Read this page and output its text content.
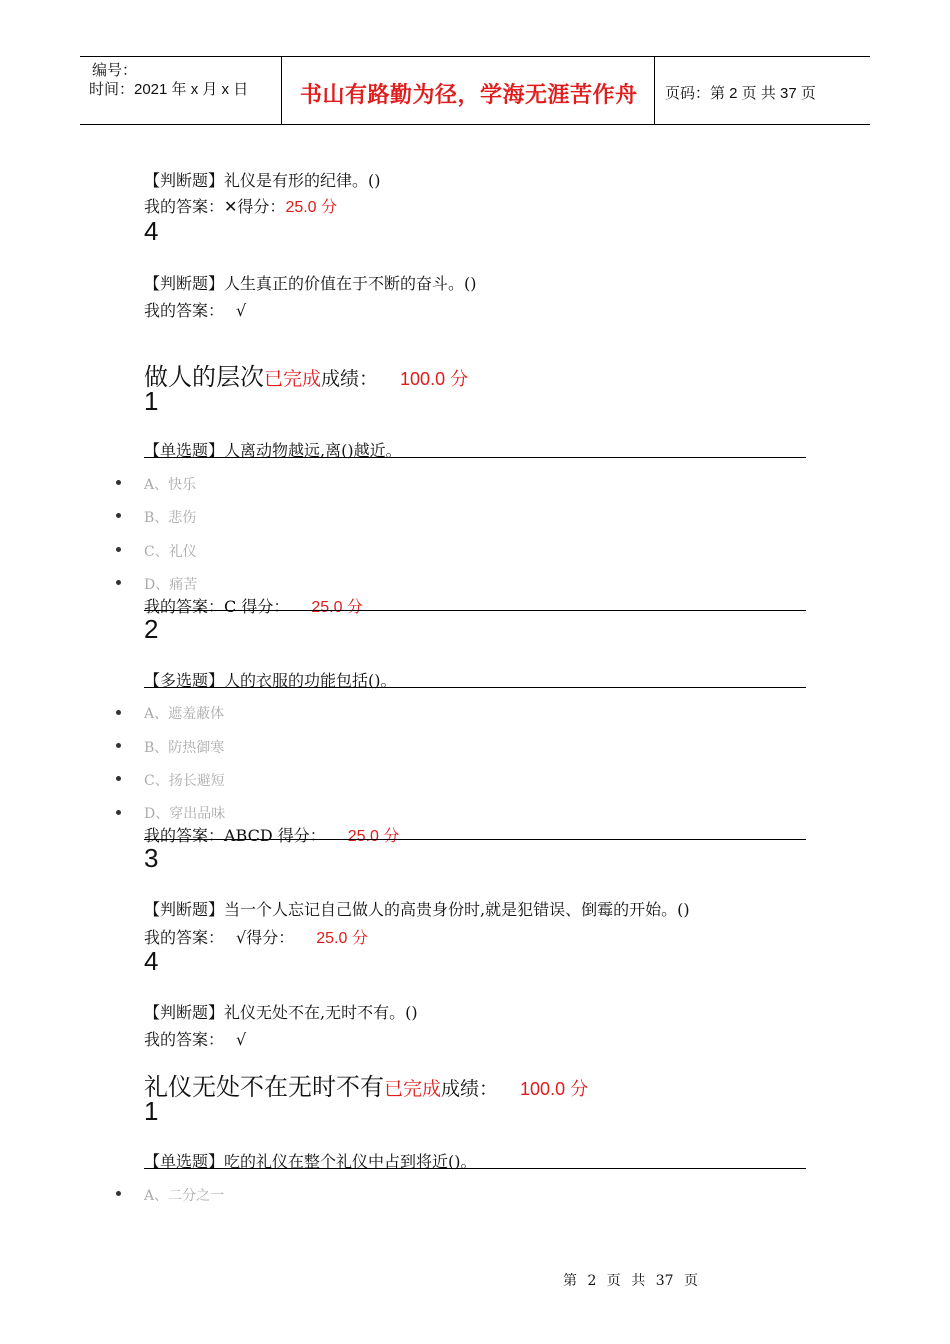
编号：
时间：2021 年 x 月 x 日 书山有路勤为径，学海无涯苦作舟 页码：第 2 页 共 37 页
【判断题】礼仪是有形的纪律。()
我的答案：✕得分：25.0 分
4
【判断题】人生真正的价值在于不断的奋斗。()
我的答案： √
做人的层次已完成成绩： 100.0 分
1
【单选题】人离动物越远,离()越近。
A、快乐
B、悲伤
C、礼仪
D、痛苦
我的答案：C 得分： 25.0 分
2
【多选题】人的衣服的功能包括()。
A、遮羞蔽体
B、防热御寒
C、扬长避短
D、穿出品味
我的答案：ABCD 得分： 25.0 分
3
【判断题】当一个人忘记自己做人的高贵身份时,就是犯错误、倒霉的开始。()
我的答案： √得分： 25.0 分
4
【判断题】礼仪无处不在,无时不有。()
我的答案： √
礼仪无处不在无时不有已完成成绩： 100.0 分
1
【单选题】吃的礼仪在整个礼仪中占到将近()。
A、二分之一
第 2 页 共 37 页
